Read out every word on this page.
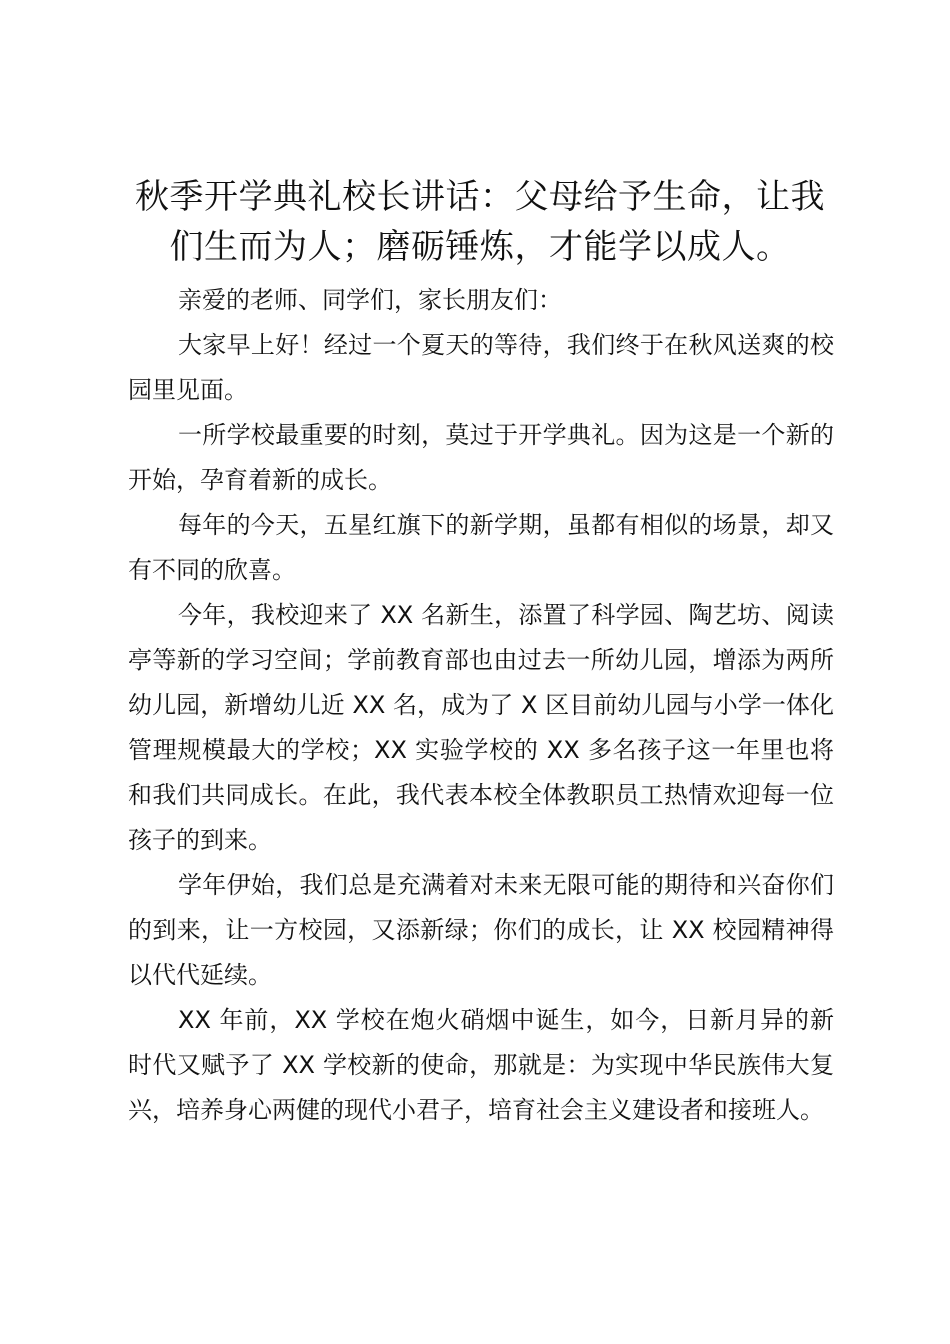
秋季开学典礼校长讲话：父母给予生命，让我们生而为人；磨砺锤炼，才能学以成人。

亲爱的老师、同学们，家长朋友们：

大家早上好！经过一个夏天的等待，我们终于在秋风送爽的校园里见面。

一所学校最重要的时刻，莫过于开学典礼。因为这是一个新的开始，孕育着新的成长。

每年的今天，五星红旗下的新学期，虽都有相似的场景，却又有不同的欣喜。

今年，我校迎来了 XX 名新生，添置了科学园、陶艺坊、阅读亭等新的学习空间；学前教育部也由过去一所幼儿园，增添为两所幼儿园，新增幼儿近 XX 名，成为了 X 区目前幼儿园与小学一体化管理规模最大的学校；XX 实验学校的 XX 多名孩子这一年里也将和我们共同成长。在此，我代表本校全体教职员工热情欢迎每一位孩子的到来。

学年伊始，我们总是充满着对未来无限可能的期待和兴奋你们的到来，让一方校园，又添新绿；你们的成长，让 XX 校园精神得以代代延续。

XX 年前，XX 学校在炮火硝烟中诞生，如今，日新月异的新时代又赋予了 XX 学校新的使命，那就是：为实现中华民族伟大复兴，培养身心两健的现代小君子，培育社会主义建设者和接班人。
